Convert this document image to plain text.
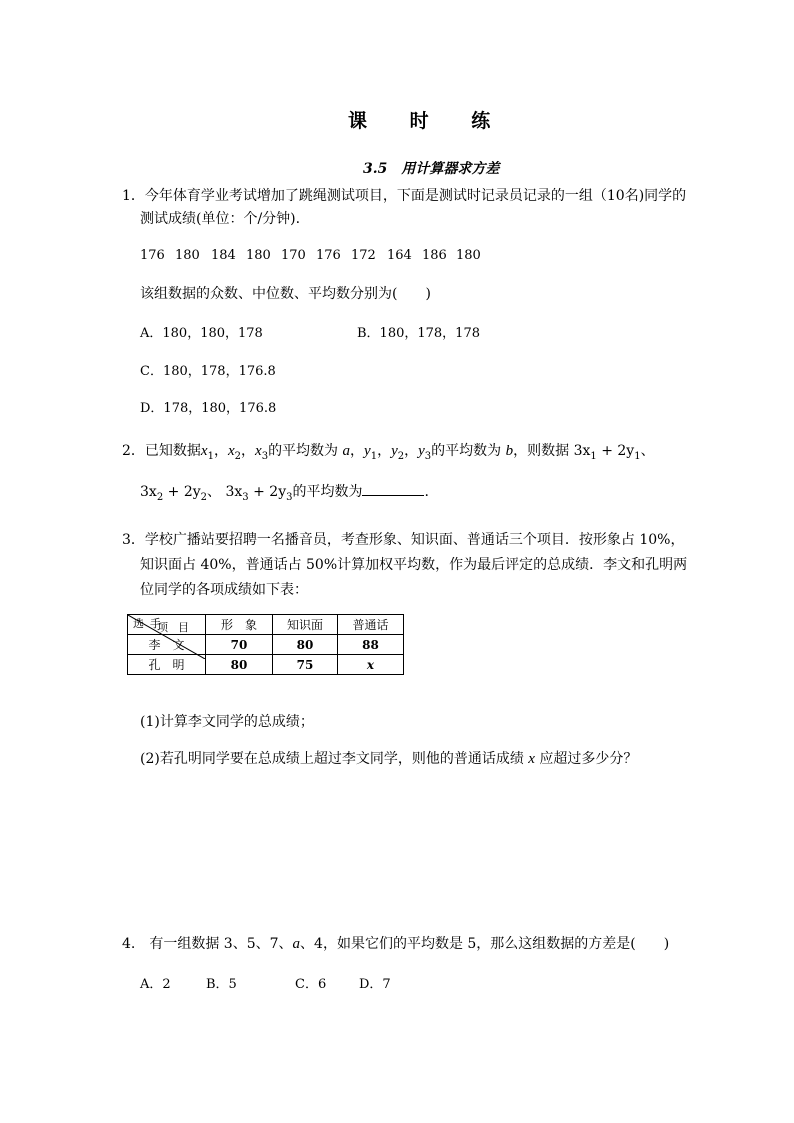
课 时 练
3.5　用计算器求方差
1．今年体育学业考试增加了跳绳测试项目，下面是测试时记录员记录的一组（10名)同学的
测试成绩(单位：个/分钟).
176 180 184 180 170 176 172 164 186 180
该组数据的众数、中位数、平均数分别为(　　)
A．180，180，178	B．180，178，178
C．180，178，176.8
D．178，180，176.8
2．已知数据$x_1$，$x_2$，$x_3$的平均数为 a，$y_1$，$y_2$，$y_3$的平均数为 b，则数据 $3x_1 + 2y_1$、
$3x_2 + 2y_2$、 $3x_3 + 2y_3$的平均数为	.
3．学校广播站要招聘一名播音员，考查形象、知识面、普通话三个项目．按形象占 10%，
知识面占 40%，普通话占 50%计算加权平均数，作为最后评定的总成绩．李文和孔明两
位同学的各项成绩如下表：
项目
选手	形　象	知识面	普通话
李　文	70	80	88
孔　明	80	75	x
(1)计算李文同学的总成绩；
(2)若孔明同学要在总成绩上超过李文同学，则他的普通话成绩 x 应超过多少分？
4.　有一组数据 3、5、7、a、4，如果它们的平均数是 5，那么这组数据的方差是(　　)
A．2	B．5	C．6	D．7
